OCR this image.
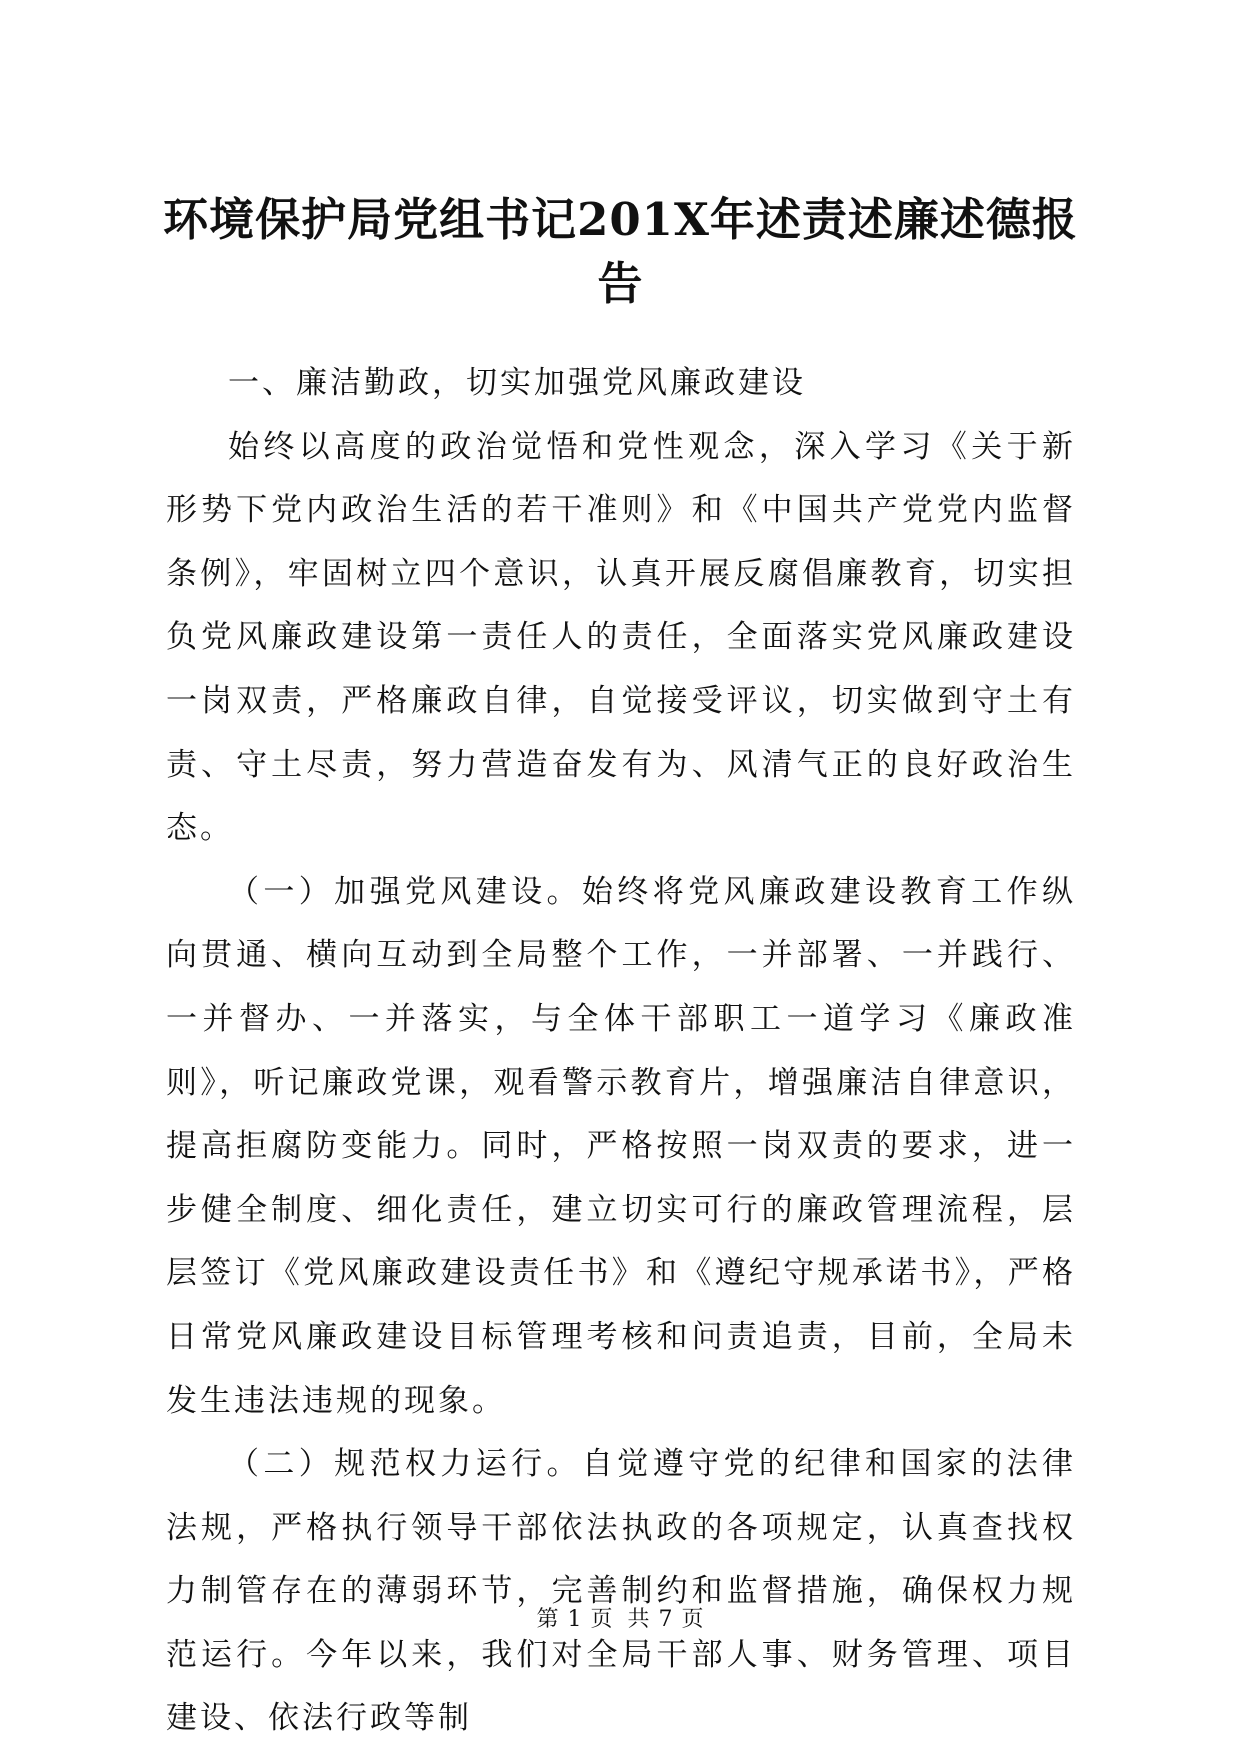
环境保护局党组书记201X年述责述廉述德报告

一、廉洁勤政，切实加强党风廉政建设

始终以高度的政治觉悟和党性观念，深入学习《关于新形势下党内政治生活的若干准则》和《中国共产党党内监督条例》，牢固树立四个意识，认真开展反腐倡廉教育，切实担负党风廉政建设第一责任人的责任，全面落实党风廉政建设一岗双责，严格廉政自律，自觉接受评议，切实做到守土有责、守土尽责，努力营造奋发有为、风清气正的良好政治生态。

（一）加强党风建设。始终将党风廉政建设教育工作纵向贯通、横向互动到全局整个工作，一并部署、一并践行、一并督办、一并落实，与全体干部职工一道学习《廉政准则》，听记廉政党课，观看警示教育片，增强廉洁自律意识，提高拒腐防变能力。同时，严格按照一岗双责的要求，进一步健全制度、细化责任，建立切实可行的廉政管理流程，层层签订《党风廉政建设责任书》和《遵纪守规承诺书》，严格日常党风廉政建设目标管理考核和问责追责，目前，全局未发生违法违规的现象。

（二）规范权力运行。自觉遵守党的纪律和国家的法律法规，严格执行领导干部依法执政的各项规定，认真查找权力制管存在的薄弱环节，完善制约和监督措施，确保权力规范运行。今年以来，我们对全局干部人事、财务管理、项目建设、依法行政等制

第 1 页 共 7 页
